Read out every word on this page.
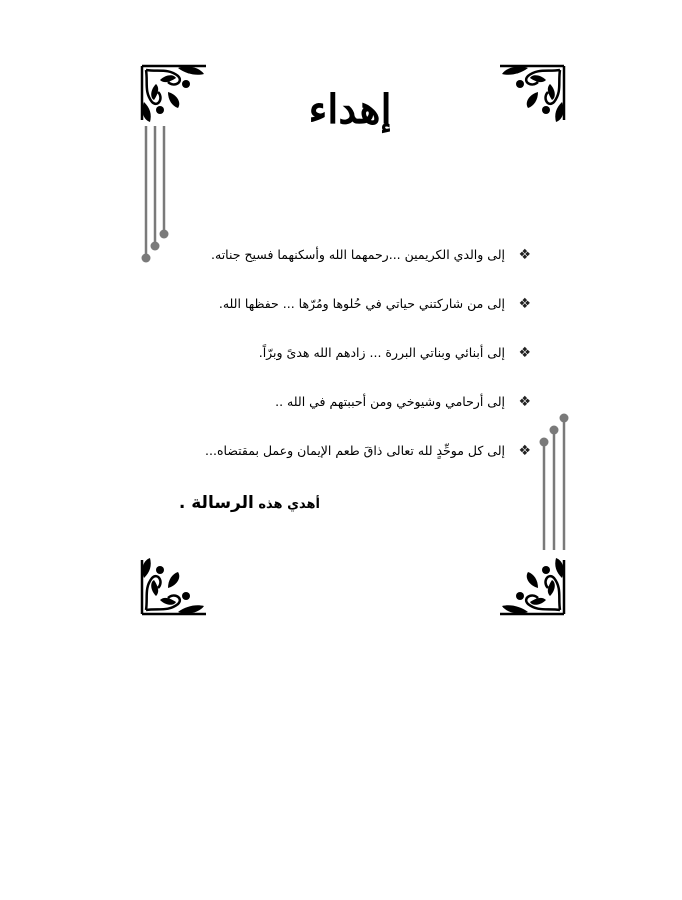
إهداء
❖
إلى والدي الكريمين ...رحمهما الله وأسكنهما فسيح جناته.
❖
إلى من شاركتني حياتي في حُلوها ومُرّها ... حفظها الله.
❖
إلى أبنائي وبناتي البررة ... زادهم الله هدىً وبرّاً.
❖
إلى أرحامي وشيوخي ومن أحببتهم في الله ..
❖
إلى كل موحِّدٍ لله تعالى ذاقَ طعم الإيمان وعمل بمقتضاه...
أهدي هذه الرسالة .
